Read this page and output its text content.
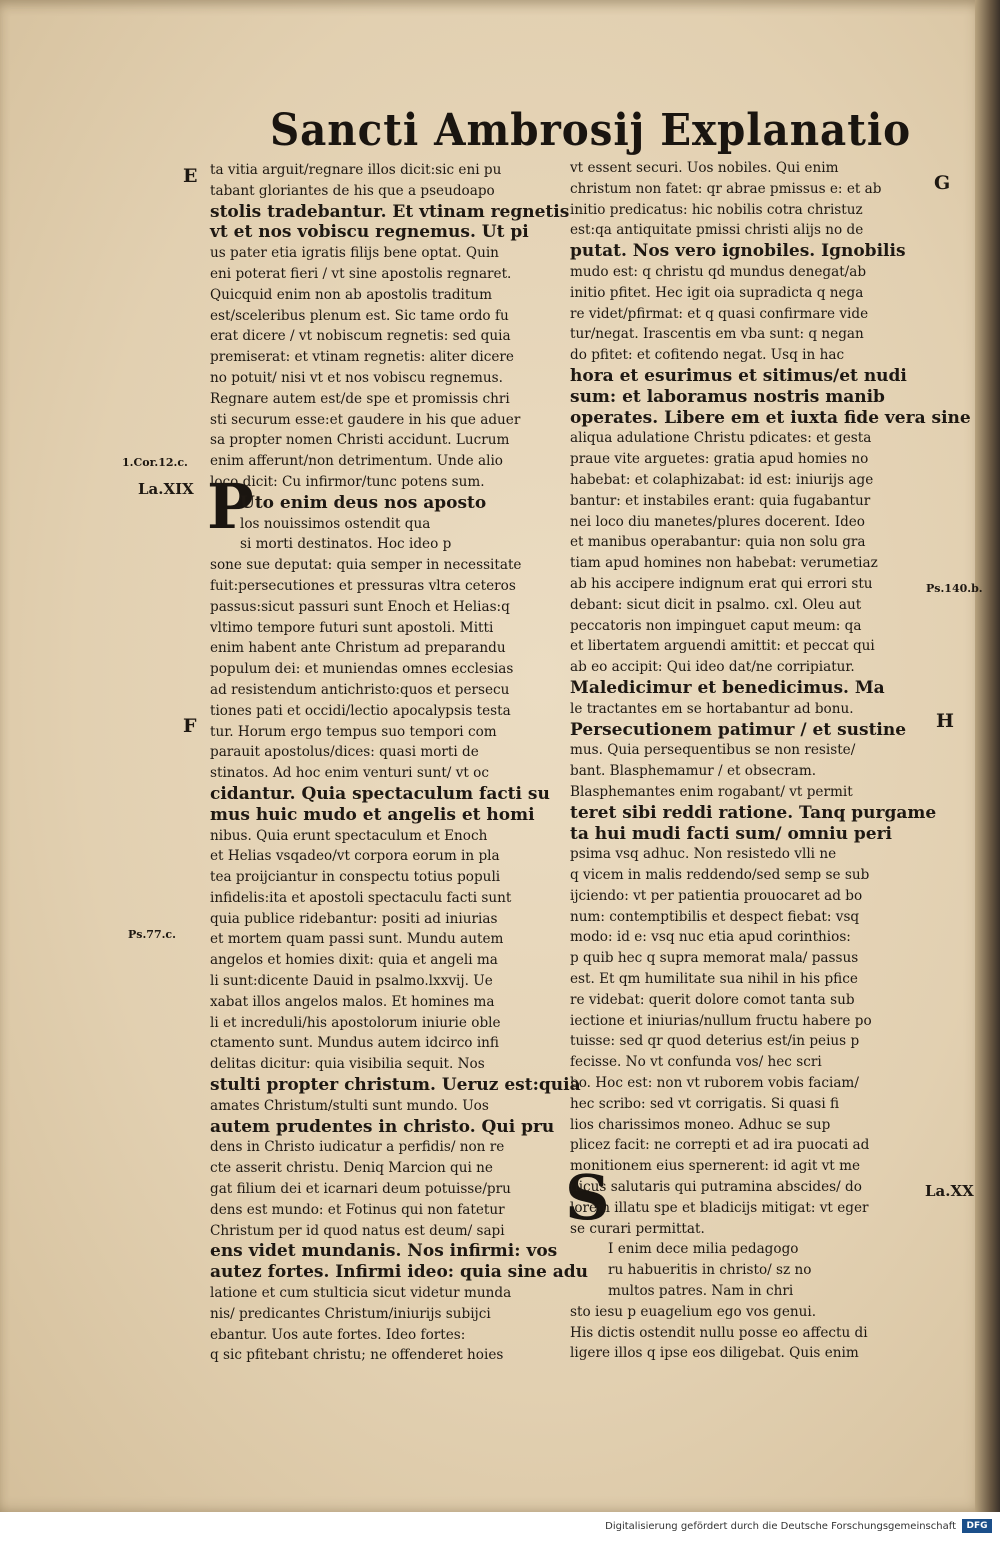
Sancti Ambrosij Explanatio
E
F
G
H
1.Cor.12.c.
La.XIX
Ps.77.c.
Ps.140.b.
La.XX
P
S
ta vitia arguit/regnare illos dicit:sic eni pu
tabant gloriantes de his que a pseudoapo
stolis tradebantur. Et vtinam regnetis
vt et nos vobiscu regnemus. Ut pi
us pater etia igratis filijs bene optat. Quin
eni poterat fieri / vt sine apostolis regnaret.
Quicquid enim non ab apostolis traditum
est/sceleribus plenum est. Sic tame ordo fu
erat dicere / vt nobiscum regnetis: sed quia
premiserat: et vtinam regnetis: aliter dicere
no potuit/ nisi vt et nos vobiscu regnemus.
Regnare autem est/de spe et promissis chri
sti securum esse:et gaudere in his que aduer
sa propter nomen Christi accidunt. Lucrum
enim afferunt/non detrimentum. Unde alio
loco dicit: Cu infirmor/tunc potens sum.
Uto enim deus nos aposto
los nouissimos ostendit qua
si morti destinatos. Hoc ideo p
sone sue deputat: quia semper in necessitate
fuit:persecutiones et pressuras vltra ceteros
passus:sicut passuri sunt Enoch et Helias:q
vltimo tempore futuri sunt apostoli. Mitti
enim habent ante Christum ad preparandu
populum dei: et muniendas omnes ecclesias
ad resistendum antichristo:quos et persecu
tiones pati et occidi/lectio apocalypsis testa
tur. Horum ergo tempus suo tempori com
parauit apostolus/dices: quasi morti de
stinatos. Ad hoc enim venturi sunt/ vt oc
cidantur. Quia spectaculum facti su
mus huic mudo et angelis et homi
nibus. Quia erunt spectaculum et Enoch
et Helias vsqadeo/vt corpora eorum in pla
tea proijciantur in conspectu totius populi
infidelis:ita et apostoli spectaculu facti sunt
quia publice ridebantur: positi ad iniurias
et mortem quam passi sunt. Mundu autem
angelos et homies dixit: quia et angeli ma
li sunt:dicente Dauid in psalmo.lxxvij. Ue
xabat illos angelos malos. Et homines ma
li et increduli/his apostolorum iniurie oble
ctamento sunt. Mundus autem idcirco infi
delitas dicitur: quia visibilia sequit. Nos
stulti propter christum. Ueruz est:quia
amates Christum/stulti sunt mundo. Uos
autem prudentes in christo. Qui pru
dens in Christo iudicatur a perfidis/ non re
cte asserit christu. Deniq Marcion qui ne
gat filium dei et icarnari deum potuisse/pru
dens est mundo: et Fotinus qui non fatetur
Christum per id quod natus est deum/ sapi
ens videt mundanis. Nos infirmi: vos
autez fortes. Infirmi ideo: quia sine adu
latione et cum stulticia sicut videtur munda
nis/ predicantes Christum/iniurijs subijci
ebantur. Uos aute fortes. Ideo fortes:
q sic pfitebant christu; ne offenderet hoies
vt essent securi. Uos nobiles. Qui enim
christum non fatet: qr abrae pmissus e: et ab
initio predicatus: hic nobilis cotra christuz
est:qa antiquitate pmissi christi alijs no de
putat. Nos vero ignobiles. Ignobilis
mudo est: q christu qd mundus denegat/ab
initio pfitet. Hec igit oia supradicta q nega
re videt/pfirmat: et q quasi confirmare vide
tur/negat. Irascentis em vba sunt: q negan
do pfitet: et cofitendo negat. Usq in hac
hora et esurimus et sitimus/et nudi
sum: et laboramus nostris manib
operates. Libere em et iuxta fide vera sine
aliqua adulatione Christu pdicates: et gesta
praue vite arguetes: gratia apud homies no
habebat: et colaphizabat: id est: iniurijs age
bantur: et instabiles erant: quia fugabantur
nei loco diu manetes/plures docerent. Ideo
et manibus operabantur: quia non solu gra
tiam apud homines non habebat: verumetiaz
ab his accipere indignum erat qui errori stu
debant: sicut dicit in psalmo. cxl. Oleu aut
peccatoris non impinguet caput meum: qa
et libertatem arguendi amittit: et peccat qui
ab eo accipit: Qui ideo dat/ne corripiatur.
Maledicimur et benedicimus. Ma
le tractantes em se hortabantur ad bonu.
Persecutionem patimur / et sustine
mus. Quia persequentibus se non resiste/
bant. Blasphemamur / et obsecram.
Blasphemantes enim rogabant/ vt permit
teret sibi reddi ratione. Tanq purgame
ta hui mudi facti sum/ omniu peri
psima vsq adhuc. Non resistedo vlli ne
q vicem in malis reddendo/sed semp se sub
ijciendo: vt per patientia prouocaret ad bo
num: contemptibilis et despect fiebat: vsq
modo: id e: vsq nuc etia apud corinthios:
p quib hec q supra memorat mala/ passus
est. Et qm humilitate sua nihil in his pfice
re videbat: querit dolore comot tanta sub
iectione et iniurias/nullum fructu habere po
tuisse: sed qr quod deterius est/in peius p
fecisse. No vt confunda vos/ hec scri
bo. Hoc est: non vt ruborem vobis faciam/
hec scribo: sed vt corrigatis. Si quasi fi
lios charissimos moneo. Adhuc se sup
plicez facit: ne correpti et ad ira puocati ad
monitionem eius spernerent: id agit vt me
dicus salutaris qui putramina abscides/ do
lorem illatu spe et bladicijs mitigat: vt eger
se curari permittat.
I enim dece milia pedagogo
ru habueritis in christo/ sz no
multos patres. Nam in chri
sto iesu p euagelium ego vos genui.
His dictis ostendit nullu posse eo affectu di
ligere illos q ipse eos diligebat. Quis enim
Digitalisierung gefördert durch die Deutsche Forschungsgemeinschaft	DFG
